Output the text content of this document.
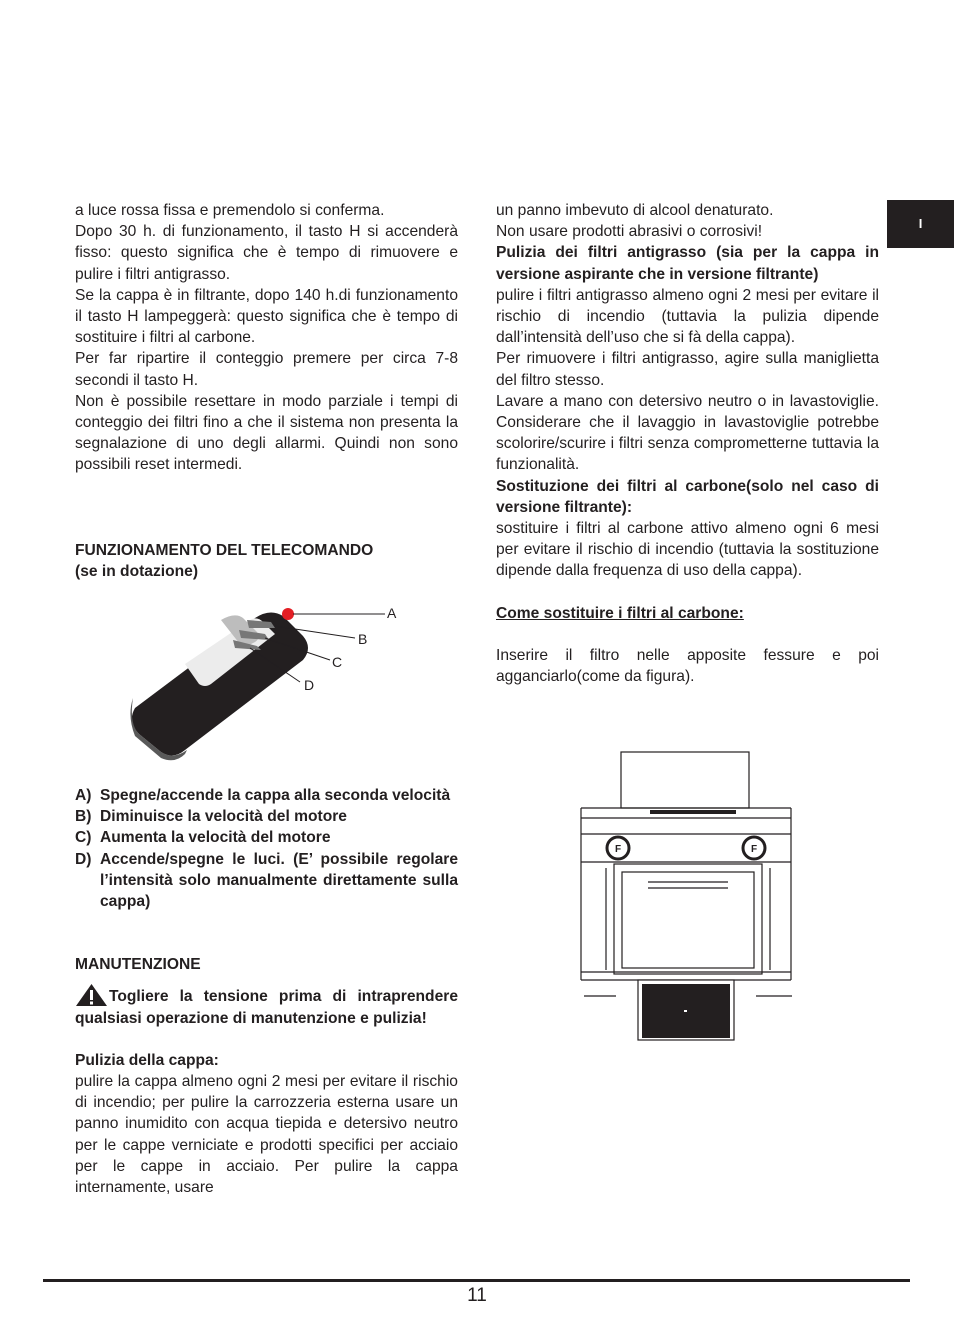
I

a luce rossa fissa e premendolo si conferma.

Dopo 30 h. di funzionamento, il tasto H si accenderà fisso: questo significa che è tempo di rimuovere e pulire i filtri antigrasso.

Se la cappa è in filtrante, dopo 140 h.di funzionamento il tasto H lampeggerà: questo significa che è tempo di sostituire i filtri al carbone.

Per far ripartire il conteggio premere per circa 7-8 secondi il tasto H.

Non è possibile resettare in modo parziale i tempi di conteggio dei filtri fino a che il sistema non presenta la segnalazione di uno degli allarmi. Quindi non sono possibili reset intermedi.

FUNZIONAMENTO DEL TELECOMANDO

(se in dotazione)

A
B
C
D
A) Spegne/accende la cappa alla seconda velocità
B) Diminuisce la velocità del motore
C) Aumenta la velocità del motore
D) Accende/spegne le luci. (E’ possibile regolare l’intensità solo manualmente direttamente sulla cappa)

MANUTENZIONE

Togliere la tensione prima di intraprendere qualsiasi operazione di manutenzione e pulizia!

Pulizia della cappa:

pulire la cappa almeno ogni 2 mesi per evitare il rischio di incendio; per pulire la carrozzeria esterna usare un panno inumidito con acqua tiepida e detersivo neutro per le cappe verniciate e prodotti specifici per acciaio per le cappe in acciaio. Per pulire la cappa internamente, usare

un panno imbevuto di alcool denaturato.

Non usare prodotti abrasivi o corrosivi!

Pulizia dei filtri antigrasso (sia per la cappa in versione aspirante che in versione filtrante)

pulire i filtri antigrasso almeno ogni 2 mesi per evitare il rischio di incendio (tuttavia la pulizia dipende dall’intensità dell’uso che si fà della cappa).

Per rimuovere i filtri antigrasso, agire sulla maniglietta del filtro stesso.

Lavare a mano con detersivo neutro o in lavastoviglie. Considerare che il lavaggio in lavastoviglie potrebbe scolorire/scurire i filtri senza comprometterne tuttavia la funzionalità.

Sostituzione dei filtri al carbone(solo nel caso di versione filtrante):

sostituire i filtri al carbone attivo almeno ogni 6 mesi per evitare il rischio di incendio (tuttavia la sostituzione dipende dalla frequenza di uso della cappa).

Come sostituire i filtri al carbone:

Inserire il filtro nelle apposite fessure e poi agganciarlo(come da figura).

F	F
11
